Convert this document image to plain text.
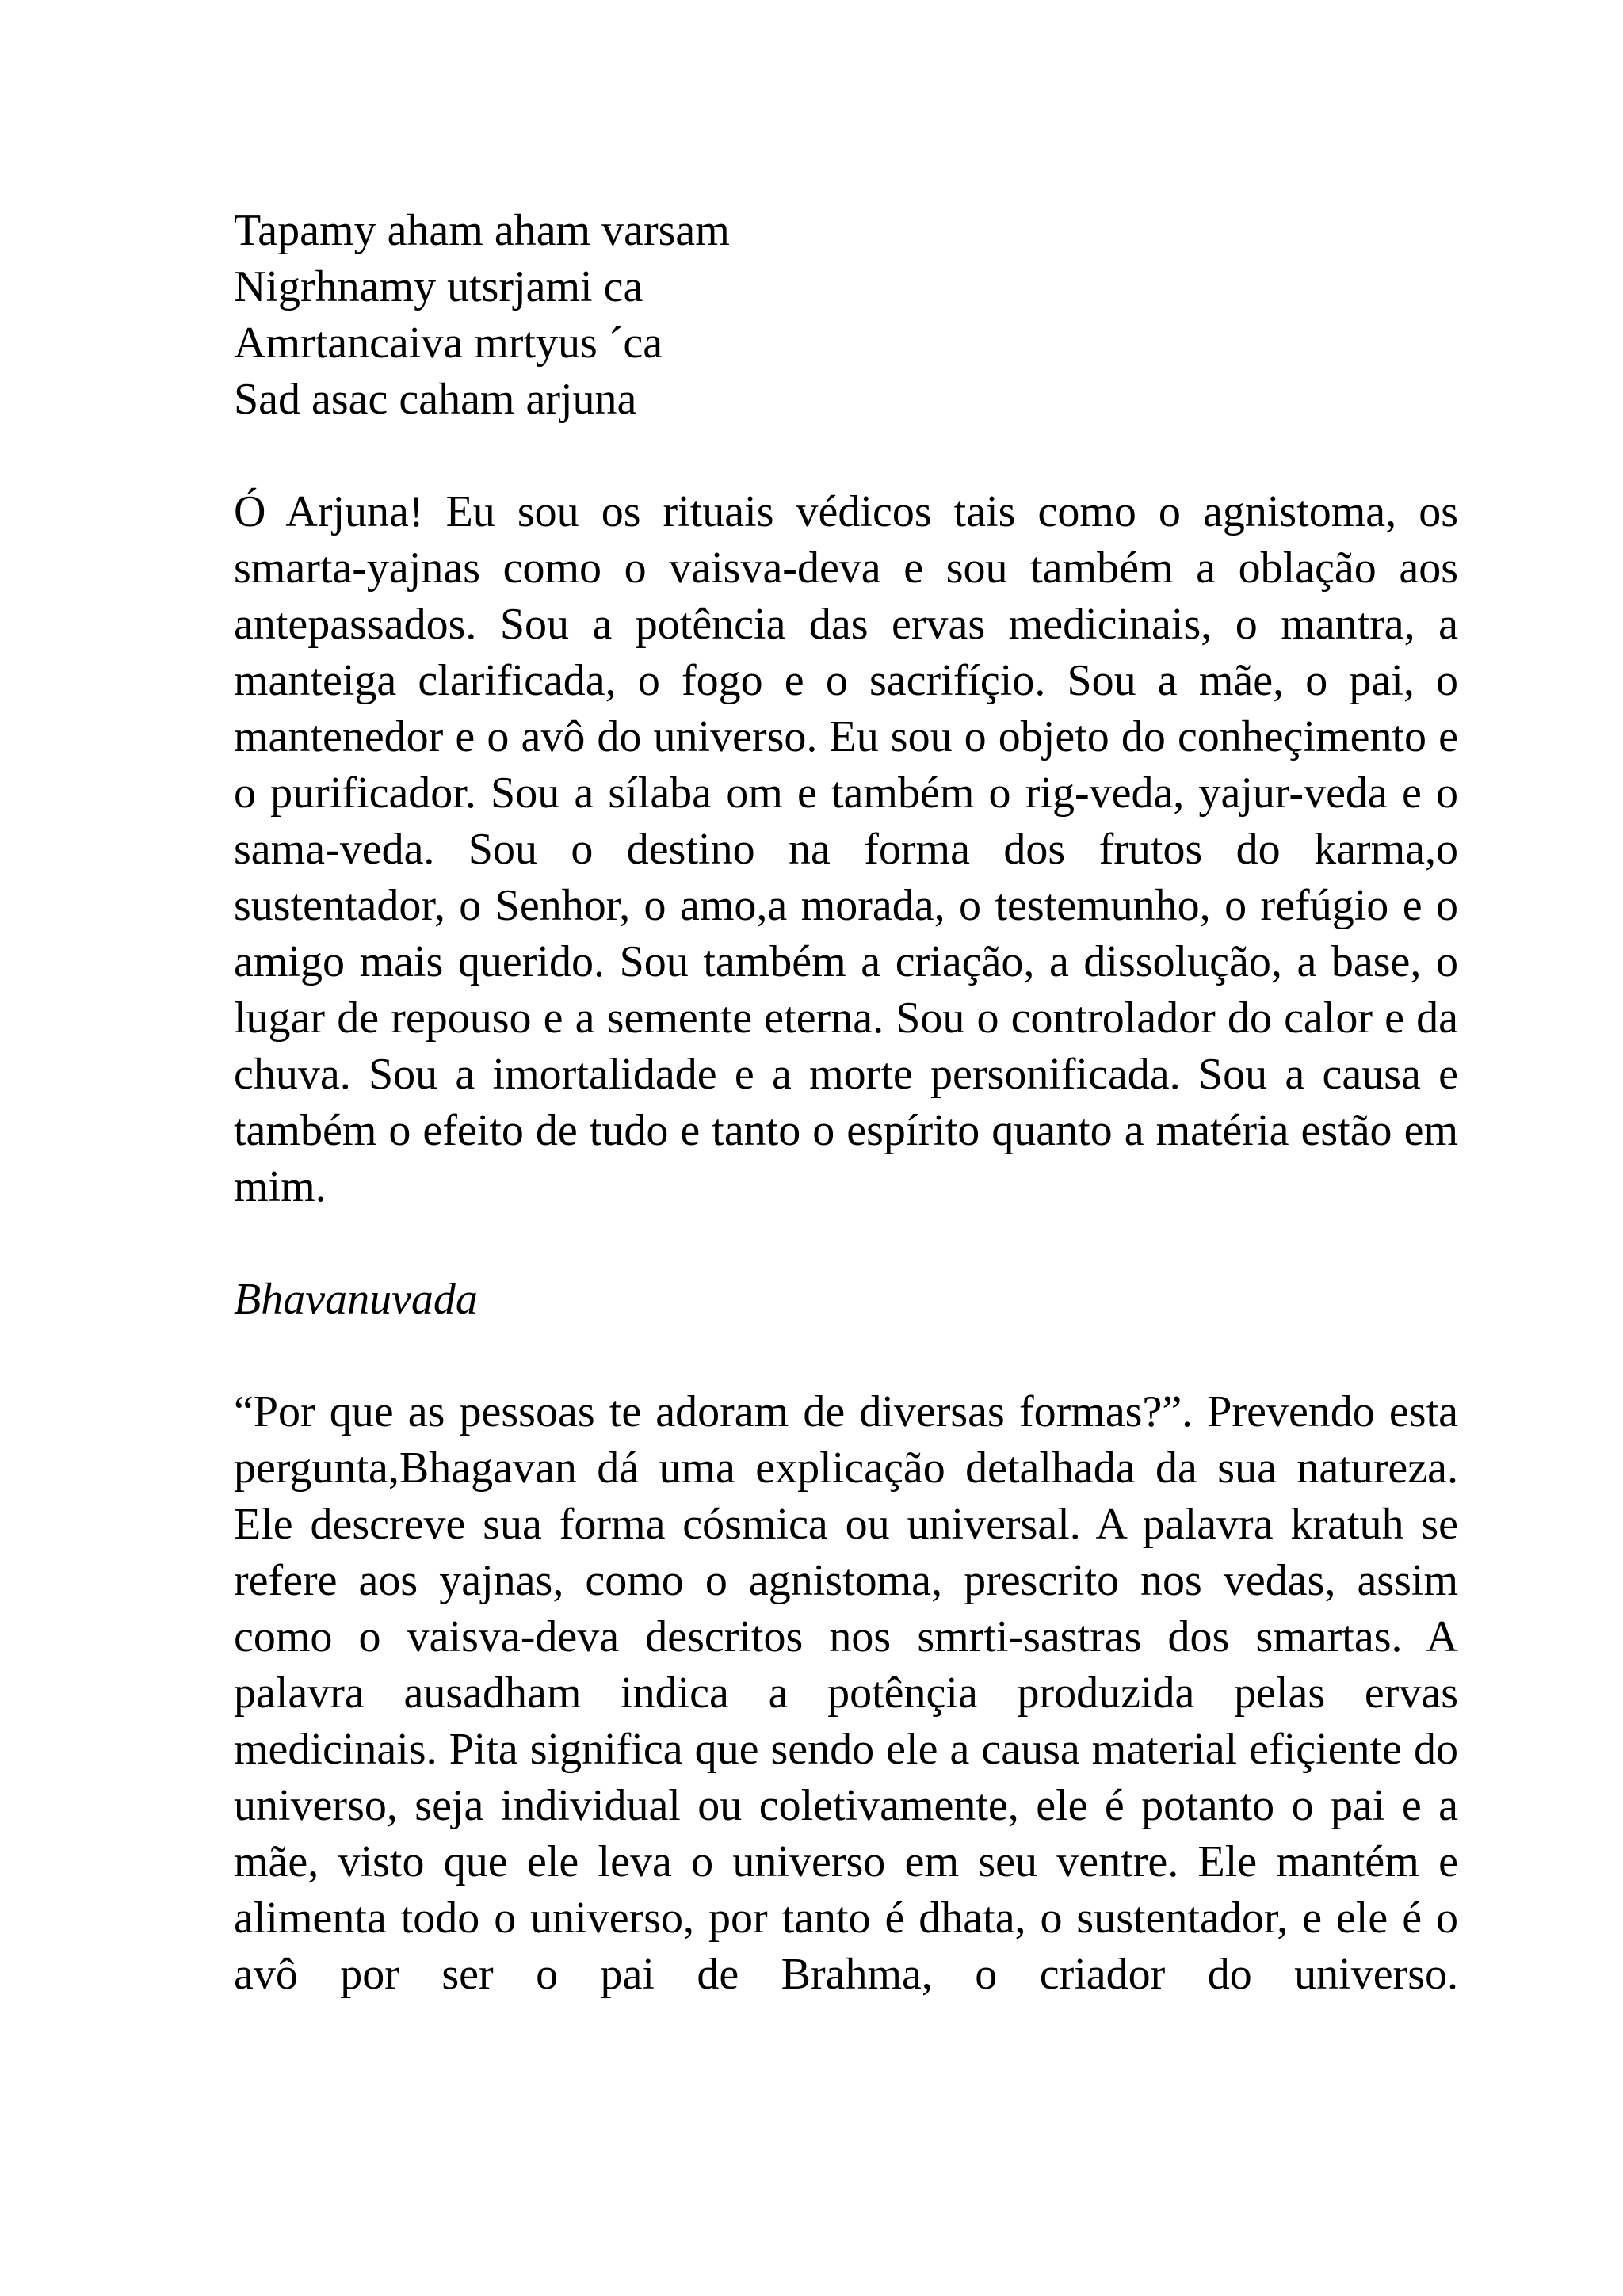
Tapamy aham aham varsam
Nigrhnamy utsrjami ca
Amrtancaiva mrtyus ´ca
Sad asac caham arjuna

Ó Arjuna! Eu sou os rituais védicos tais como o agnistoma, os smarta-yajnas como o vaisva-deva e sou também a oblação aos antepassados. Sou a potência das ervas medicinais, o mantra, a manteiga clarificada, o fogo e o sacrifíçio. Sou a mãe, o pai, o mantenedor e o avô do universo. Eu sou o objeto do conheçimento e o purificador. Sou a sílaba om e também o rig-veda, yajur-veda e o sama-veda. Sou o destino na forma dos frutos do karma,o sustentador, o Senhor, o amo,a morada, o testemunho, o refúgio e o amigo mais querido. Sou também a criação, a dissolução, a base, o lugar de repouso e a semente eterna. Sou o controlador do calor e da chuva. Sou a imortalidade e a morte personificada. Sou a causa e também o efeito de tudo e tanto o espírito quanto a matéria estão em mim.

Bhavanuvada

“Por que as pessoas te adoram de diversas formas?”. Prevendo esta pergunta,Bhagavan dá uma explicação detalhada da sua natureza. Ele descreve sua forma cósmica ou universal. A palavra kratuh se refere aos yajnas, como o agnistoma, prescrito nos vedas, assim como o vaisva-deva descritos nos smrti-sastras dos smartas. A palavra ausadham indica a potênçia produzida pelas ervas medicinais. Pita significa que sendo ele a causa material efiçiente do universo, seja individual ou coletivamente, ele é potanto o pai e a mãe, visto que ele leva o universo em seu ventre. Ele mantém e alimenta todo o universo, por tanto é dhata, o sustentador, e ele é o avô por ser o pai de Brahma, o criador do universo.
